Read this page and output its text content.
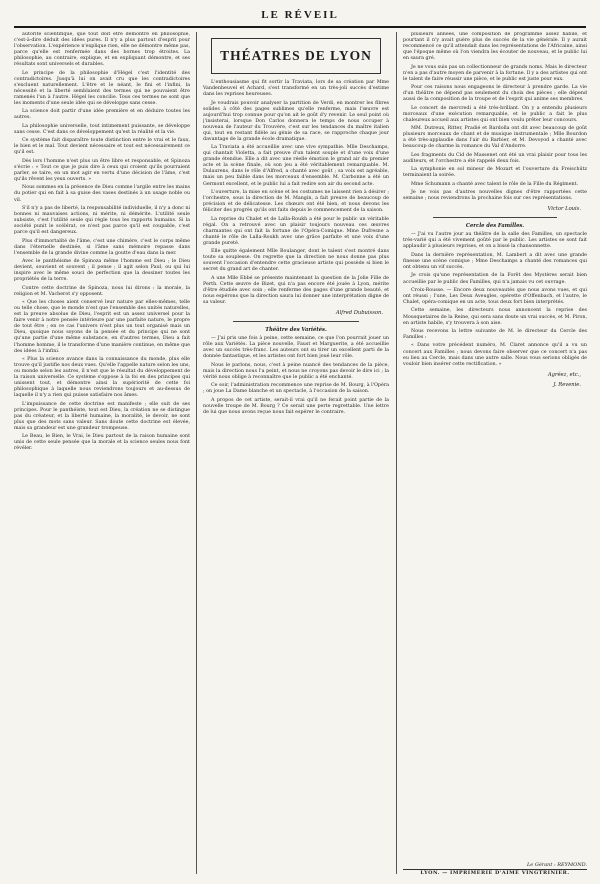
LE RÉVEIL

autorité scientifique, que tout doit être démontré en philosophie, c'est-à-dire déduit des idées pures. Il n'y a plus partout d'esprit pour l'observation. L'expérience n'explique rien, elle ne démontre même pas, parce qu'elle est renfermée dans des bornes trop étroites. La philosophie, au contraire, explique, et en expliquant démontre, et ses résultats sont universels et durables.

Le principe de la philosophie d'Hégel c'est l'identité des contradictoires. Jusqu'à lui on avait cru que les contradictoires s'excluent naturellement. L'être et le néant, le fini et l'infini, la nécessité et la liberté semblaient des termes qui ne pouvaient être ramenés l'un à l'autre. Hégel les concilie. Tous ces termes ne sont que les moments d'une seule idée qui se développe sans cesse.

La science doit partir d'une idée première et en déduire toutes les autres.

La philosophie universelle, tout intimement puissante, se développe sans cesse. C'est dans ce développement qu'est la réalité et la vie.

Ce système fait disparaître toute distinction entre le vrai et le faux, le bien et le mal. Tout devient nécessaire et tout est nécessairement ce qu'il est.

Dès lors l'homme n'est plus un être libre et responsable, et Spinoza s'écrie : « Tout ce que je puis dire à ceux qui croient qu'ils pourraient parler, se taire, en un mot agir en vertu d'une décision de l'âme, c'est qu'ils rêvent les yeux ouverts. »

Nous sommes en la présence de Dieu comme l'argile entre les mains du potier qui en fait à sa guise des vases destinés à un usage noble ou vil.

S'il n'y a pas de liberté, la responsabilité individuelle, il n'y a donc ni bonnes ni mauvaises actions, ni mérite, ni démérite. L'utilité seule subsiste, c'est l'utilité seule qui règle tous les rapports humains. Si la société punit le scélérat, ce n'est pas parce qu'il est coupable, c'est parce qu'il est dangereux.

Plus d'immortalité de l'âme, c'est une chimère, c'est le corps même dans l'éternelle destinée, si l'âme sans mémoire repasse dans l'ensemble de la grande divine comme la goutte d'eau dans la mer.

Avec le panthéisme de Spinoza même l'homme est Dieu ; le Dieu devient, souvient et souvent ; il pense ; il agit selon Paul, ou qui lui inspire avec le même souci de perfection que la dessiner toutes les propriétés de la terre.

Contre cette doctrine de Spinoza, nous lui dirons : la morale, la religion et M. Vacherot s'y opposent.

« Que les choses aient conservé leur nature par elles-mêmes, telle ou telle chose, que le monde n'est que l'ensemble des unités naturelles, est la preuve absolue de Dieu, l'esprit est un assez universel pour la faire venir à notre pensée intérieure par une parfaite nature, le propre de tout être ; en ce cas l'univers n'est plus un tout organisé mais un Dieu, quoique nous soyons de la pensée et du principe qui ne sont qu'une partie d'une même substance, en d'autres termes, Dieu a fait l'homme homme, il le transforme d'une manière continue, en même que des idées à l'infini.

« Plus la science avance dans la connaissance du monde, plus elle trouve qu'il justifie nos deux vues. Qu'elle l'appelle nature selon les uns, ou monde selon les autres, il n'est que le résultat du développement de la raison universelle. Ce système s'oppose à la foi en des principes qui unissent tout, et démontre ainsi la supériorité de cette foi philosophique à laquelle nous reviendrons toujours et au-dessus de laquelle il n'y a rien qui puisse satisfaire nos âmes.

L'impuissance de cette doctrine est manifeste ; elle suit de ses principes. Pour le panthéiste, tout est Dieu, la création ne se distingue pas du créateur, et la liberté humaine, la moralité, le devoir, ne sont plus que des mots sans valeur. Sans doute cette doctrine est élevée, mais sa grandeur est une grandeur trompeuse.

Le Beau, le Bien, le Vrai, le Dieu partout de la raison humaine sont unis de cette seule pensée que la morale et la science seules nous font révéler.

THÉATRES DE LYON

L'enthousiasme qui fit sortir la Traviata, lors de sa création par Mme Vandenheuvel et Achard, s'est transformé en un très-joli succès d'estime dans les reprises heureuses.

Je voudrais pouvoir analyser la partition de Verdi, en montrer les fibres solides à côté des pages sublimes qu'elle renferme, mais l'œuvre est aujourd'hui trop connue pour qu'on ait le goût d'y revenir. Le seul point où j'insisterai, lorsque Don Carlos donnera le temps de nous occuper à nouveau de l'auteur du Trouvère, c'est sur les tendances du maître italien qui, tout en restant fidèle au génie de sa race, se rapproche chaque jour davantage de la grande école dramatique.

La Traviata a été accueillie avec une vive sympathie. Mlle Deschamps, qui chantait Violetta, a fait preuve d'un talent souple et d'une voix d'une grande étendue. Elle a dit avec une réelle émotion le grand air du premier acte et la scène finale, où son jeu a été véritablement remarquable. M. Dulaurens, dans le rôle d'Alfred, a chanté avec goût ; sa voix est agréable, mais un peu faible dans les morceaux d'ensemble. M. Carbonne a été un Germont excellent, et le public lui a fait redire son air du second acte.

L'ouverture, la mise en scène et les costumes ne laissent rien à désirer ; l'orchestre, sous la direction de M. Mangin, a fait preuve de beaucoup de précision et de délicatesse. Les chœurs ont été bien, et nous devons les féliciter des progrès qu'ils ont faits depuis le commencement de la saison.

La reprise du Chalet et de Lalla-Roukh a été pour le public un véritable régal. On a retrouvé avec un plaisir toujours nouveau ces œuvres charmantes qui ont fait la fortune de l'Opéra-Comique. Mme Dufresne a chanté le rôle de Lalla-Roukh avec une grâce parfaite et une voix d'une grande pureté.

Elle quitte également Mlle Boulanger, dont le talent s'est montré dans toute sa souplesse. On regrette que la direction ne nous donne pas plus souvent l'occasion d'entendre cette gracieuse artiste qui possède si bien le secret du grand art de chanter.

A une Mlle Ebbé se présente maintenant la question de la Jolie Fille de Perth. Cette œuvre de Bizet, qui n'a pas encore été jouée à Lyon, mérite d'être étudiée avec soin ; elle renferme des pages d'une grande beauté, et nous espérons que la direction saura lui donner une interprétation digne de sa valeur.

Alfred Dubuisson.
Théâtre des Variétés.

— J'ai pris une fois à peine, cette semaine, ce que l'on pourrait jouer un rôle aux Variétés. La pièce nouvelle, Faust et Marguerite, a été accueillie avec un succès très-franc. Les auteurs ont su tirer un excellent parti de la donnée fantastique, et les artistes ont fort bien joué leur rôle.

Nous le parlons, nous, c'est à peine nuancé des tendances de la pièce, mais la direction nous l'a peint, et nous ne croyons pas devoir le dire ici ; la vérité nous oblige à reconnaître que le public a été enchanté.

Ce soir, l'administration recommence une reprise de M. Bourg, à l'Opéra ; on joue La Dame blanche et un spectacle, à l'occasion de la saison.

A propos de cet artiste, serait-il vrai qu'il ne ferait point partie de la nouvelle troupe de M. Bourg ? Ce serait une perte regrettable. Une lettre de lui que nous avons reçue nous fait espérer le contraire.

plusieurs années, une composition de programme assez habile, et pourtant il n'y avait guère plus de succès de la vie générale. Il y aurait recommencé ce qu'il attendait dans les représentations de l'Africaine, ainsi que l'époque même où l'on viendra les écouter de nouveau, et le public lui en saura gré.

Je ne vous suis pas un collectionneur de grands noms. Mais le directeur n'en a pas d'autre moyen de parvenir à la fortune. Il y a des artistes qui ont le talent de faire réussir une pièce, et le public est juste pour eux.

Pour ces raisons nous engageons le directeur à prendre garde. La vie d'un théâtre ne dépend pas seulement du choix des pièces ; elle dépend aussi de la composition de la troupe et de l'esprit qui anime ses membres.

Le concert de mercredi a été très-brillant. On y a entendu plusieurs morceaux d'une exécution remarquable, et le public a fait le plus chaleureux accueil aux artistes qui ont bien voulu prêter leur concours.

MM. Dutreux, Ritter, Pradié et Bardolla ont dit avec beaucoup de goût plusieurs morceaux de chant et de musique instrumentale ; Mlle Bourdon a été très-applaudie dans l'air du Barbier, et M. Devoyod a chanté avec beaucoup de charme la romance du Val d'Andorre.

Les fragments du Cid de Massenet ont été un vrai plaisir pour tous les auditeurs, et l'orchestre a été rappelé deux fois.

La symphonie en sol mineur de Mozart et l'ouverture du Freischütz terminaient la soirée.

Mme Schumann a chanté avec talent le rôle de la Fille du Régiment.

Je ne vois pas d'autres nouvelles dignes d'être rapportées cette semaine ; nous reviendrons la prochaine fois sur ces représentations.

Victor Louis.
Cercle des Familles.

— J'ai vu l'autre jour au théâtre de la salle des Familles, un spectacle très-varié qui a été vivement goûté par le public. Les artistes se sont fait applaudir à plusieurs reprises, et on a bissé la chansonnette.

Dans la dernière représentation, M. Lambert a dit avec une grande finesse une scène comique ; Mme Deschamps a chanté des romances qui ont obtenu un vif succès.

Je crois qu'une représentation de la Forêt des Mystères serait bien accueillie par le public des Familles, qui n'a jamais vu cet ouvrage.

Croix-Rousse. — Encore deux nouveautés que nous avons vues, et qui ont réussi ; l'une, Les Deux Aveugles, opérette d'Offenbach, et l'autre, le Chalet, opéra-comique en un acte, tous deux fort bien interprétés.

Cette semaine, les directeurs nous annoncent la reprise des Mousquetaires de la Reine, qui sera sans doute un vrai succès, et M. Piron, en artiste habile, s'y trouvera à son aise.

Nous recevons la lettre suivante de M. le directeur du Cercle des Familles :

« Dans votre précédent numéro, M. Claret annonce qu'il a vu un concert aux Familles ; nous devons faire observer que ce concert n'a pas eu lieu au Cercle, mais dans une autre salle. Nous vous serions obligés de vouloir bien insérer cette rectification. »

Agréez, etc.,
J. Revenie.
Le Gérant : REYMOND.
LYON. — IMPRIMERIE D'AIMÉ VINGTRINIER.
